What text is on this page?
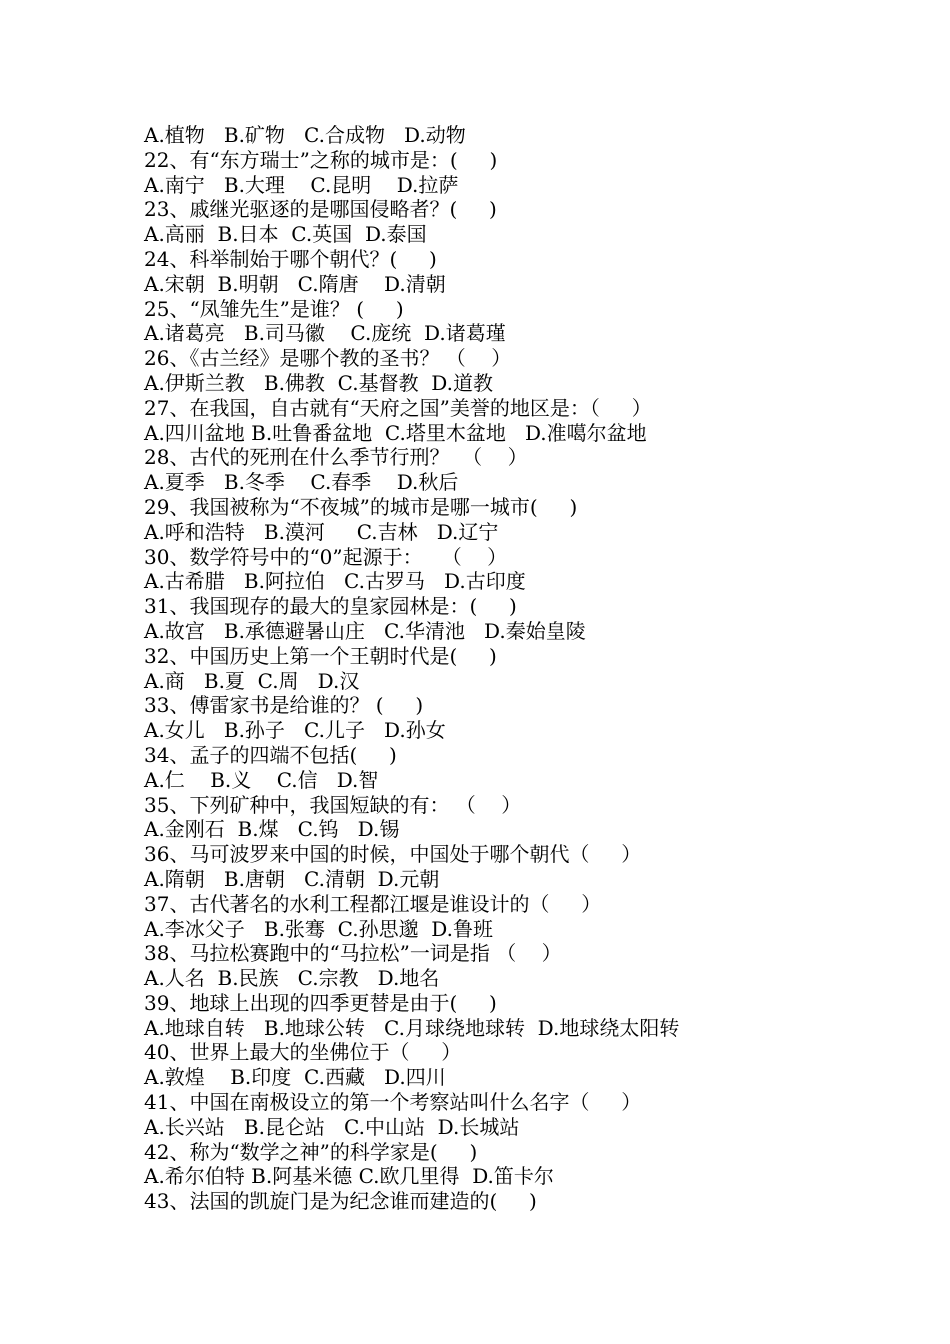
A.植物   B.矿物   C.合成物   D.动物
22、有“东方瑞士”之称的城市是：(     )
A.南宁   B.大理    C.昆明    D.拉萨
23、戚继光驱逐的是哪国侵略者？(     )
A.高丽  B.日本  C.英国  D.泰国
24、科举制始于哪个朝代？(     )
A.宋朝  B.明朝   C.隋唐    D.清朝
25、“凤雏先生”是谁？ (     )
A.诸葛亮   B.司马徽    C.庞统  D.诸葛瑾
26、《古兰经》是哪个教的圣书？ （    ）
A.伊斯兰教   B.佛教  C.基督教  D.道教
27、在我国，自古就有“天府之国”美誉的地区是：（     ）
A.四川盆地 B.吐鲁番盆地  C.塔里木盆地   D.准噶尔盆地
28、古代的死刑在什么季节行刑？  （    ）
A.夏季   B.冬季    C.春季    D.秋后
29、我国被称为“不夜城”的城市是哪一城市(     )
A.呼和浩特   B.漠河     C.吉林   D.辽宁
30、数学符号中的“0”起源于：   （    ）
A.古希腊   B.阿拉伯   C.古罗马   D.古印度
31、我国现存的最大的皇家园林是：(     )
A.故宫   B.承德避暑山庄   C.华清池   D.秦始皇陵
32、中国历史上第一个王朝时代是(     )
A.商   B.夏  C.周   D.汉
33、傅雷家书是给谁的？ (     )
A.女儿   B.孙子   C.儿子   D.孙女
34、孟子的四端不包括(     )
A.仁    B.义    C.信   D.智
35、下列矿种中，我国短缺的有： （    ）
A.金刚石  B.煤   C.钨   D.锡
36、马可波罗来中国的时候，中国处于哪个朝代（     ）
A.隋朝   B.唐朝   C.清朝  D.元朝
37、古代著名的水利工程都江堰是谁设计的（     ）
A.李冰父子   B.张骞  C.孙思邈  D.鲁班
38、马拉松赛跑中的“马拉松”一词是指 （    ）
A.人名  B.民族   C.宗教   D.地名
39、地球上出现的四季更替是由于(     )
A.地球自转   B.地球公转   C.月球绕地球转  D.地球绕太阳转
40、世界上最大的坐佛位于（     ）
A.敦煌    B.印度  C.西藏   D.四川
41、中国在南极设立的第一个考察站叫什么名字（     ）
A.长兴站   B.昆仑站   C.中山站  D.长城站
42、称为“数学之神”的科学家是(     )
A.希尔伯特 B.阿基米德 C.欧几里得  D.笛卡尔
43、法国的凯旋门是为纪念谁而建造的(     )
